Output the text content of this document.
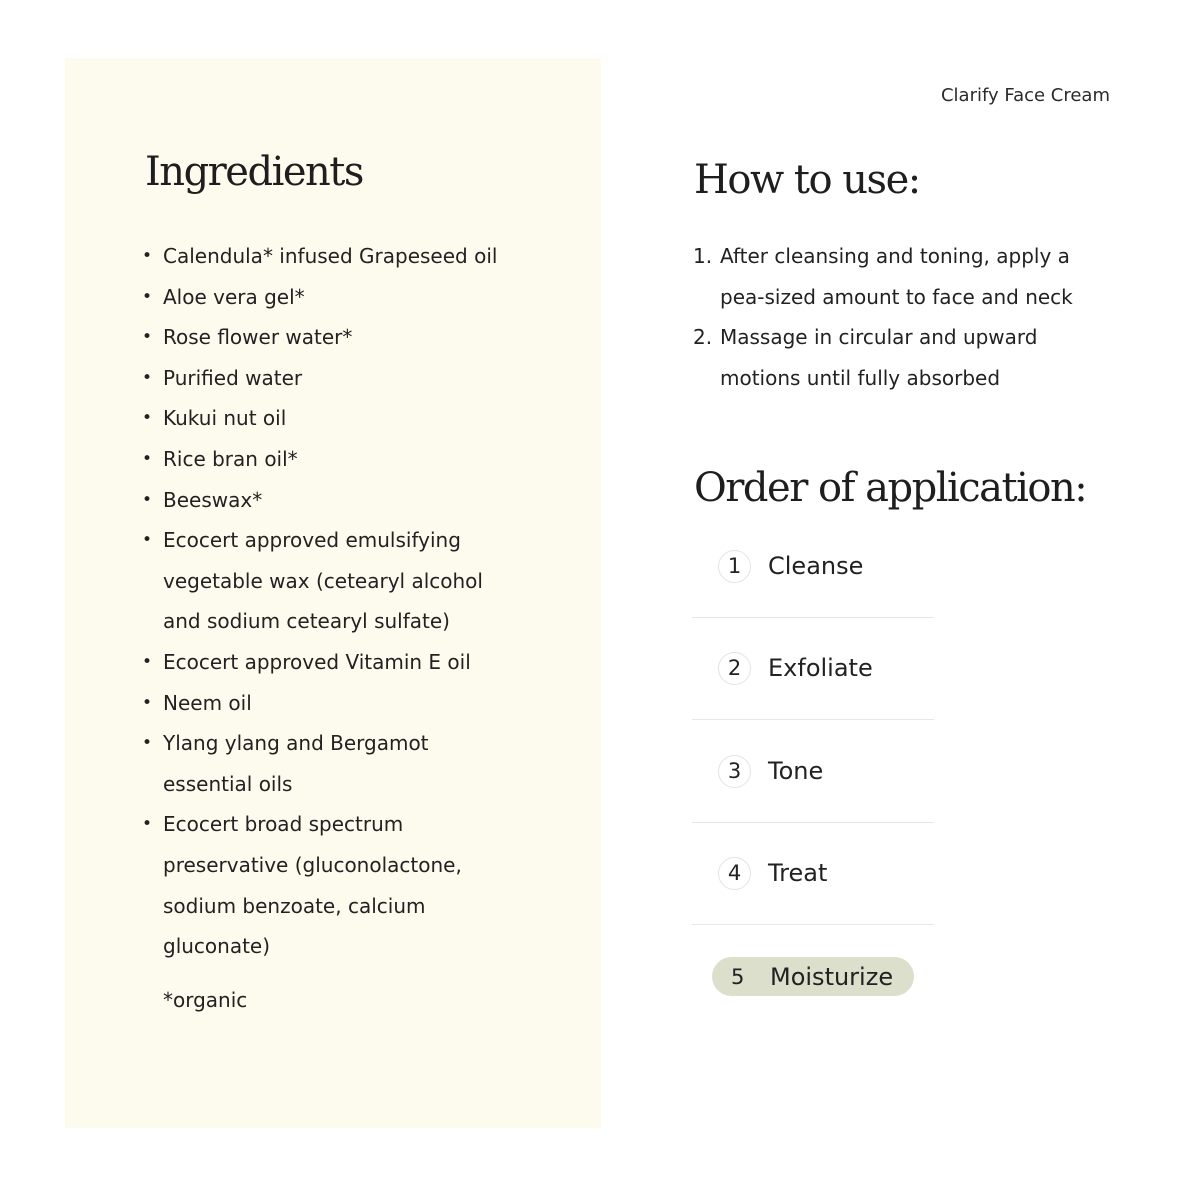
Ingredients
• Calendula* infused Grapeseed oil
• Aloe vera gel*
• Rose flower water*
• Purified water
• Kukui nut oil
• Rice bran oil*
• Beeswax*
• Ecocert approved emulsifying vegetable wax (cetearyl alcohol and sodium cetearyl sulfate)
• Ecocert approved Vitamin E oil
• Neem oil
• Ylang ylang and Bergamot essential oils
• Ecocert broad spectrum preservative (gluconolactone, sodium benzoate, calcium gluconate)
*organic
Clarify Face Cream
How to use:
1. After cleansing and toning, apply a pea-sized amount to face and neck
2. Massage in circular and upward motions until fully absorbed
Order of application:
1	Cleanse
2	Exfoliate
3	Tone
4	Treat
5 Moisturize
